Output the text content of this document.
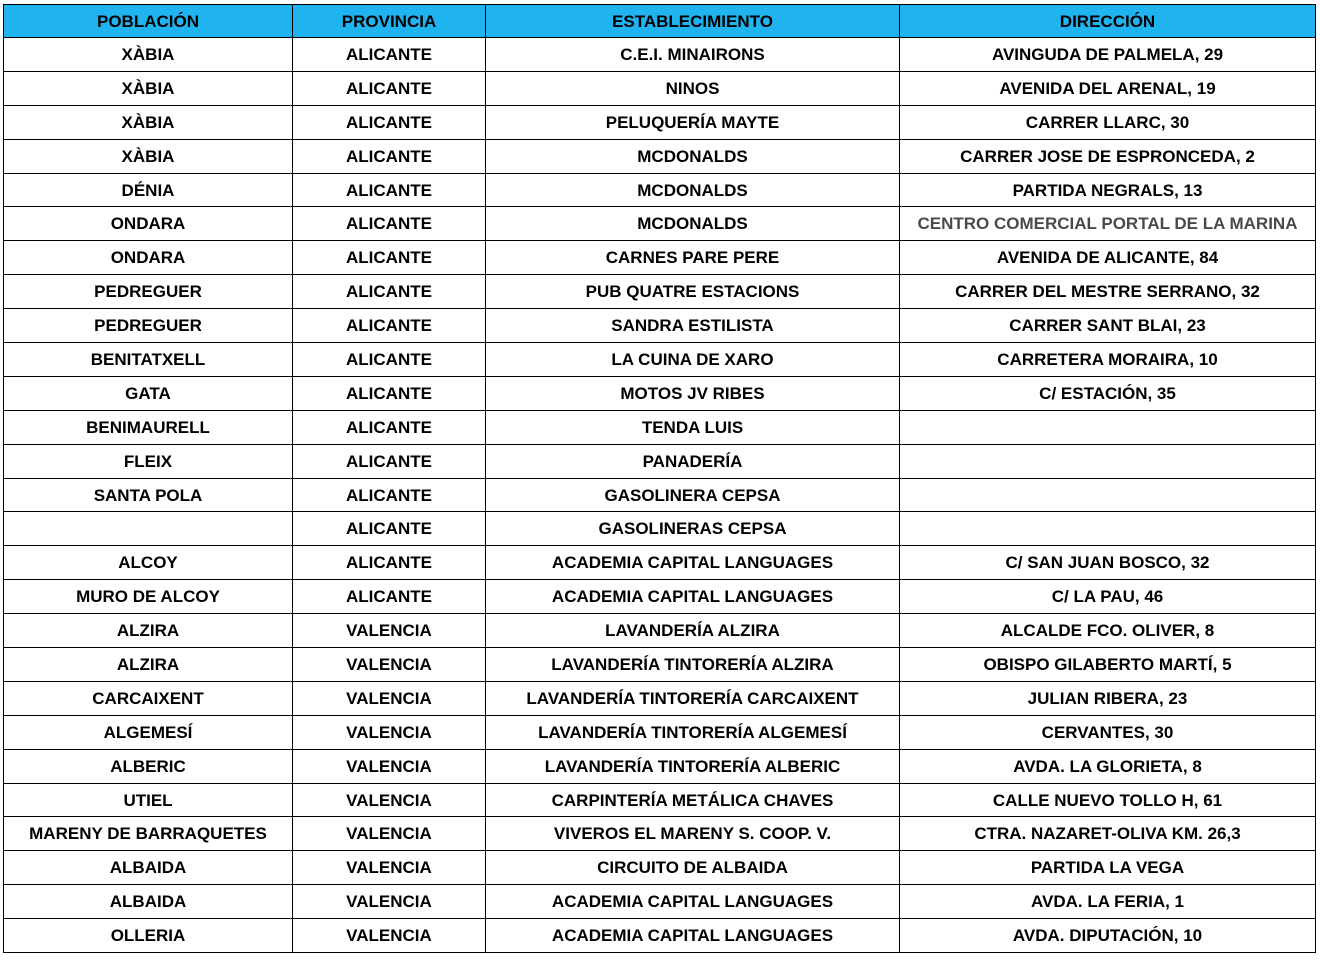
POBLACIÓN	PROVINCIA	ESTABLECIMIENTO	DIRECCIÓN
XÀBIA	ALICANTE	C.E.I. MINAIRONS	AVINGUDA DE PALMELA, 29
XÀBIA	ALICANTE	NINOS	AVENIDA DEL ARENAL, 19
XÀBIA	ALICANTE	PELUQUERÍA MAYTE	CARRER LLARC, 30
XÀBIA	ALICANTE	MCDONALDS	CARRER JOSE DE ESPRONCEDA, 2
DÉNIA	ALICANTE	MCDONALDS	PARTIDA NEGRALS, 13
ONDARA	ALICANTE	MCDONALDS	CENTRO COMERCIAL PORTAL DE LA MARINA
ONDARA	ALICANTE	CARNES PARE PERE	AVENIDA DE ALICANTE, 84
PEDREGUER	ALICANTE	PUB QUATRE ESTACIONS	CARRER DEL MESTRE SERRANO, 32
PEDREGUER	ALICANTE	SANDRA ESTILISTA	CARRER SANT BLAI, 23
BENITATXELL	ALICANTE	LA CUINA DE XARO	CARRETERA MORAIRA, 10
GATA	ALICANTE	MOTOS JV RIBES	C/ ESTACIÓN, 35
BENIMAURELL	ALICANTE	TENDA LUIS	
FLEIX	ALICANTE	PANADERÍA	
SANTA POLA	ALICANTE	GASOLINERA CEPSA	
	ALICANTE	GASOLINERAS CEPSA	
ALCOY	ALICANTE	ACADEMIA CAPITAL LANGUAGES	C/ SAN JUAN BOSCO, 32
MURO DE ALCOY	ALICANTE	ACADEMIA CAPITAL LANGUAGES	C/ LA PAU, 46
ALZIRA	VALENCIA	LAVANDERÍA ALZIRA	ALCALDE FCO. OLIVER, 8
ALZIRA	VALENCIA	LAVANDERÍA TINTORERÍA ALZIRA	OBISPO GILABERTO MARTÍ, 5
CARCAIXENT	VALENCIA	LAVANDERÍA TINTORERÍA CARCAIXENT	JULIAN RIBERA, 23
ALGEMESÍ	VALENCIA	LAVANDERÍA TINTORERÍA ALGEMESÍ	CERVANTES, 30
ALBERIC	VALENCIA	LAVANDERÍA TINTORERÍA ALBERIC	AVDA. LA GLORIETA, 8
UTIEL	VALENCIA	CARPINTERÍA METÁLICA CHAVES	CALLE NUEVO TOLLO H, 61
MARENY DE BARRAQUETES	VALENCIA	VIVEROS EL MARENY S. COOP. V.	CTRA. NAZARET-OLIVA KM. 26,3
ALBAIDA	VALENCIA	CIRCUITO DE ALBAIDA	PARTIDA LA VEGA
ALBAIDA	VALENCIA	ACADEMIA CAPITAL LANGUAGES	AVDA. LA FERIA, 1
OLLERIA	VALENCIA	ACADEMIA CAPITAL LANGUAGES	AVDA. DIPUTACIÓN, 10
